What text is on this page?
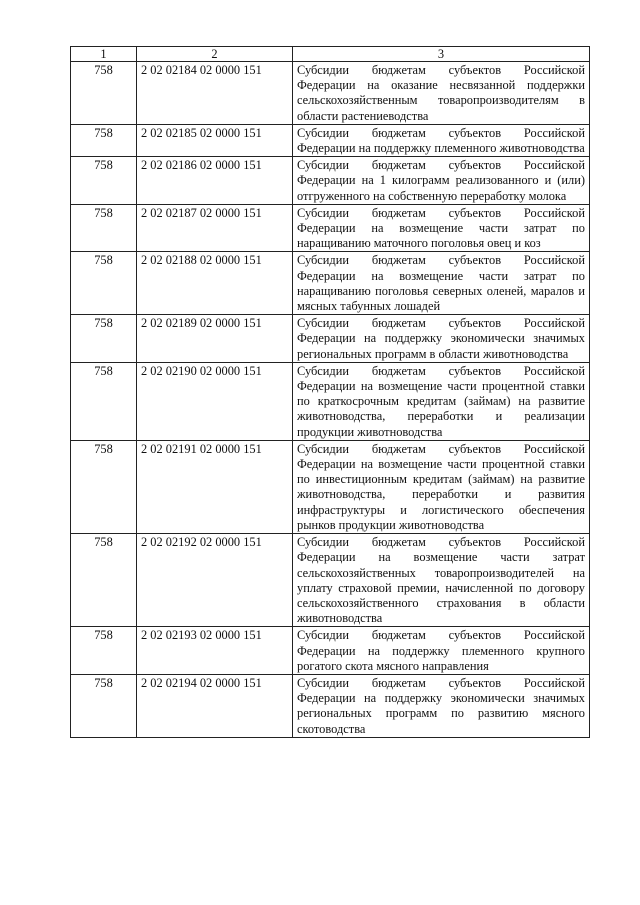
1	2	3
758	2 02 02184 02 0000 151	Субсидии бюджетам субъектов Российской Федерации на оказание несвязанной поддержки сельскохозяйственным товаропроизводителям в области растениеводства
758	2 02 02185 02 0000 151	Субсидии бюджетам субъектов Российской Федерации на поддержку племенного животноводства
758	2 02 02186 02 0000 151	Субсидии бюджетам субъектов Российской Федерации на 1 килограмм реализованного и (или) отгруженного на собственную переработку молока
758	2 02 02187 02 0000 151	Субсидии бюджетам субъектов Российской Федерации на возмещение части затрат по наращиванию маточного поголовья овец и коз
758	2 02 02188 02 0000 151	Субсидии бюджетам субъектов Российской Федерации на возмещение части затрат по наращиванию поголовья северных оленей, маралов и мясных табунных лошадей
758	2 02 02189 02 0000 151	Субсидии бюджетам субъектов Российской Федерации на поддержку экономически значимых региональных программ в области животноводства
758	2 02 02190 02 0000 151	Субсидии бюджетам субъектов Российской Федерации на возмещение части процентной ставки по краткосрочным кредитам (займам) на развитие животноводства, переработки и реализации продукции животноводства
758	2 02 02191 02 0000 151	Субсидии бюджетам субъектов Российской Федерации на возмещение части процентной ставки по инвестиционным кредитам (займам) на развитие животноводства, переработки и развития инфраструктуры и логистического обеспечения рынков продукции животноводства
758	2 02 02192 02 0000 151	Субсидии бюджетам субъектов Российской Федерации на возмещение части затрат сельскохозяйственных товаропроизводителей на уплату страховой премии, начисленной по договору сельскохозяйственного страхования в области животноводства
758	2 02 02193 02 0000 151	Субсидии бюджетам субъектов Российской Федерации на поддержку племенного крупного рогатого скота мясного направления
758	2 02 02194 02 0000 151	Субсидии бюджетам субъектов Российской Федерации на поддержку экономически значимых региональных программ по развитию мясного скотоводства
